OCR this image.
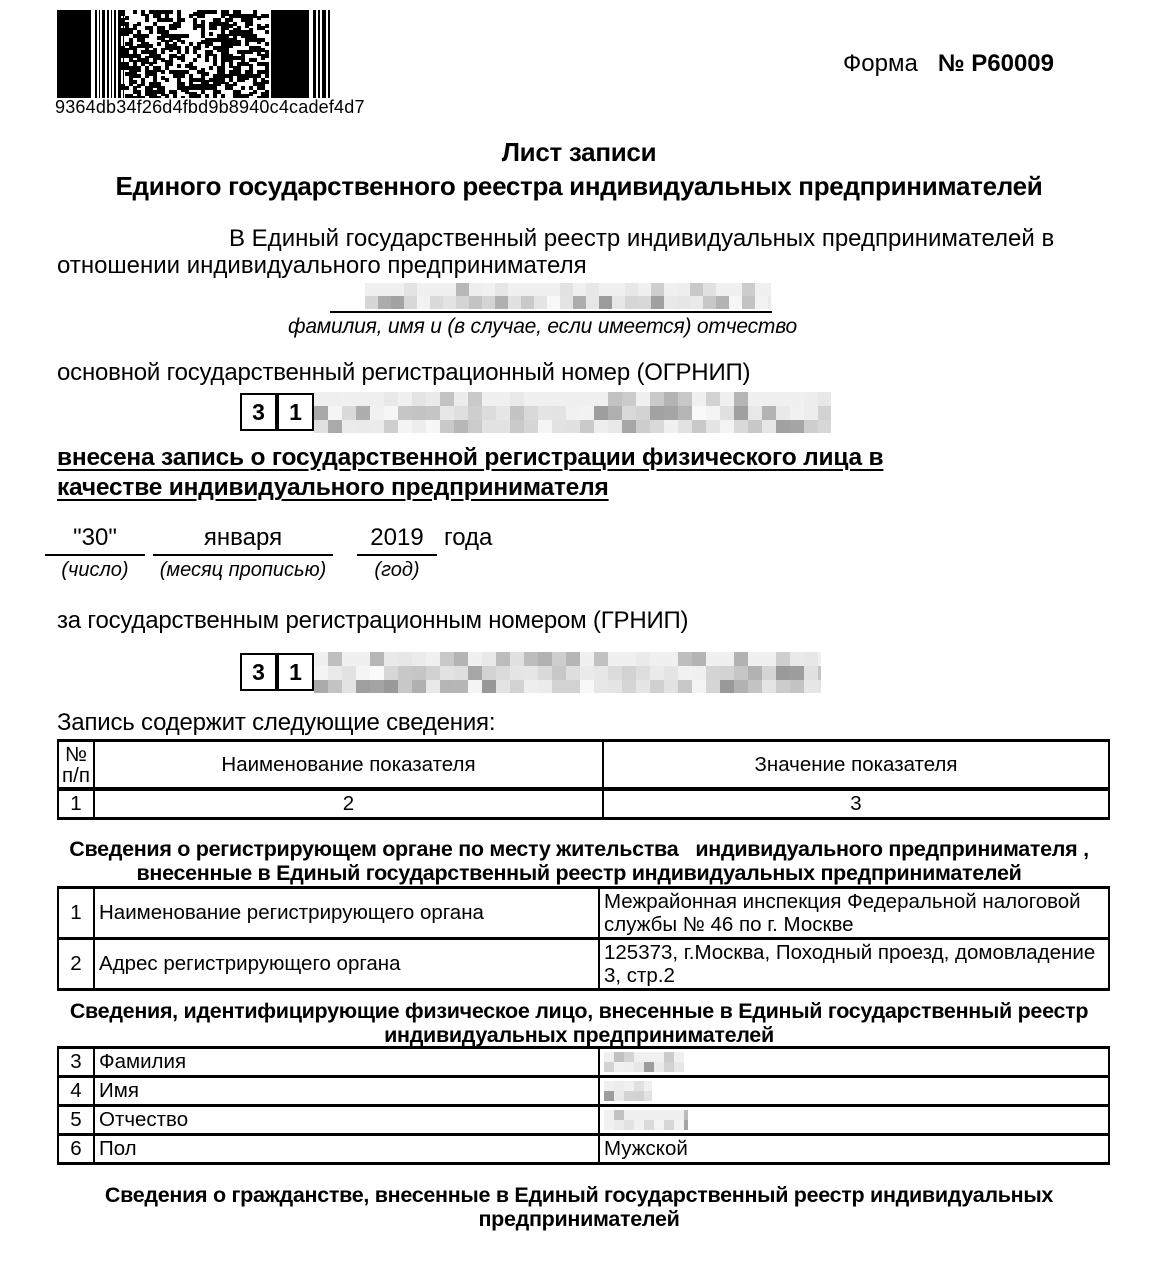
9364db34f26d4fbd9b8940c4cadef4d7
Форма № Р60009
Лист записи
Единого государственного реестра индивидуальных предпринимателей
В Единый государственный реестр индивидуальных предпринимателей в
отношении индивидуального предпринимателя
фамилия, имя и (в случае, если имеется) отчество
основной государственный регистрационный номер (ОГРНИП)
3	1
внесена запись о государственной регистрации физического лица в
качестве индивидуального предпринимателя
"30"	января	2019 года
(число)	(месяц прописью)	(год)
за государственным регистрационным номером (ГРНИП)
3	1
Запись содержит следующие сведения:
№ п/п	Наименование показателя	Значение показателя
1	2	3
Сведения о регистрирующем органе по месту жительства   индивидуального предпринимателя ,
внесенные в Единый государственный реестр индивидуальных предпринимателей
1	Наименование регистрирующего органа	Межрайонная инспекция Федеральной налоговой службы № 46 по г. Москве
2	Адрес регистрирующего органа	125373, г.Москва, Походный проезд, домовладение 3, стр.2
Сведения, идентифицирующие физическое лицо, внесенные в Единый государственный реестр
индивидуальных предпринимателей
3	Фамилия	

4	Имя	

5	Отчество	

6	Пол	Мужской
Сведения о гражданстве, внесенные в Единый государственный реестр индивидуальных
предпринимателей
